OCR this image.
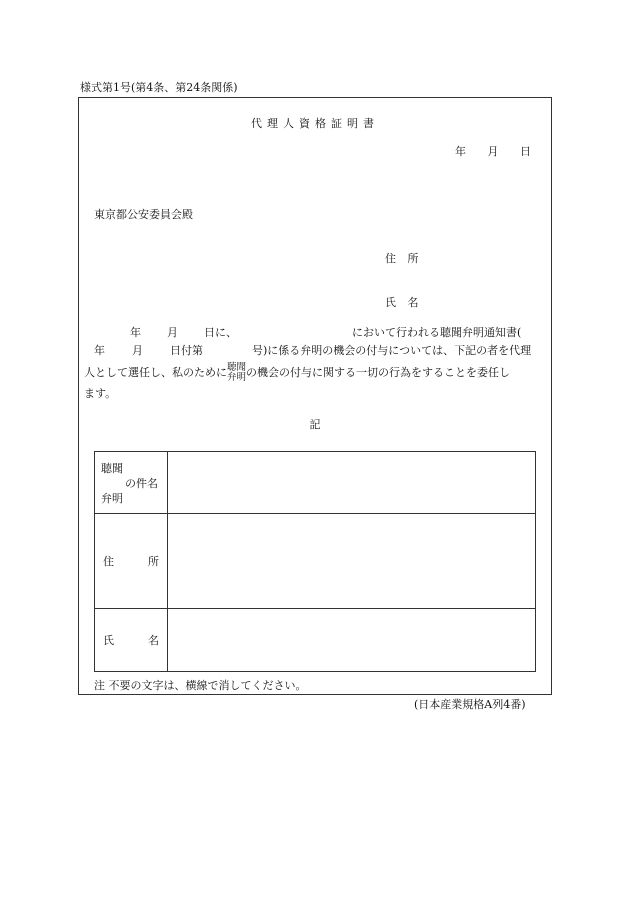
様式第1号(第4条、第24条関係)
代理人資格証明書
年 月 日
東京都公安委員会殿
住 所
氏 名
年 月 日に、	において行われる聴聞弁明通知書(
年 月 日付第	号)に係る弁明の機会の付与については、下記の者を代理
人として選任し、私のために聴聞
弁明の機会の付与に関する一切の行為をすることを委任し
ます。
記
聴聞
の件名
弁明	

住 所	

氏 名	

注 不要の文字は、横線で消してください。
(日本産業規格A列4番)
